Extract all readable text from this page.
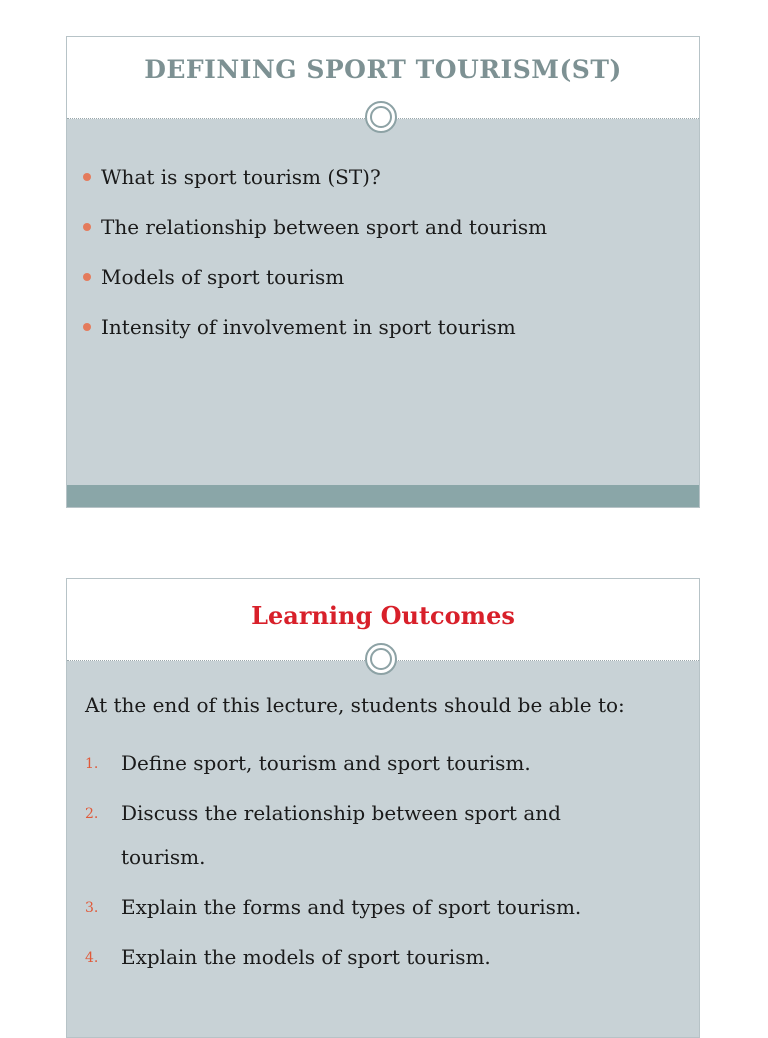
DEFINING SPORT TOURISM(ST)
What is sport tourism (ST)?
The relationship between sport and tourism
Models of sport tourism
Intensity of involvement in sport tourism
Learning Outcomes
At the end of this lecture, students should be able to:
1. Define sport, tourism and sport tourism.
2. Discuss the relationship between sport and tourism.
3. Explain the forms and types of sport tourism.
4. Explain the models of sport tourism.
